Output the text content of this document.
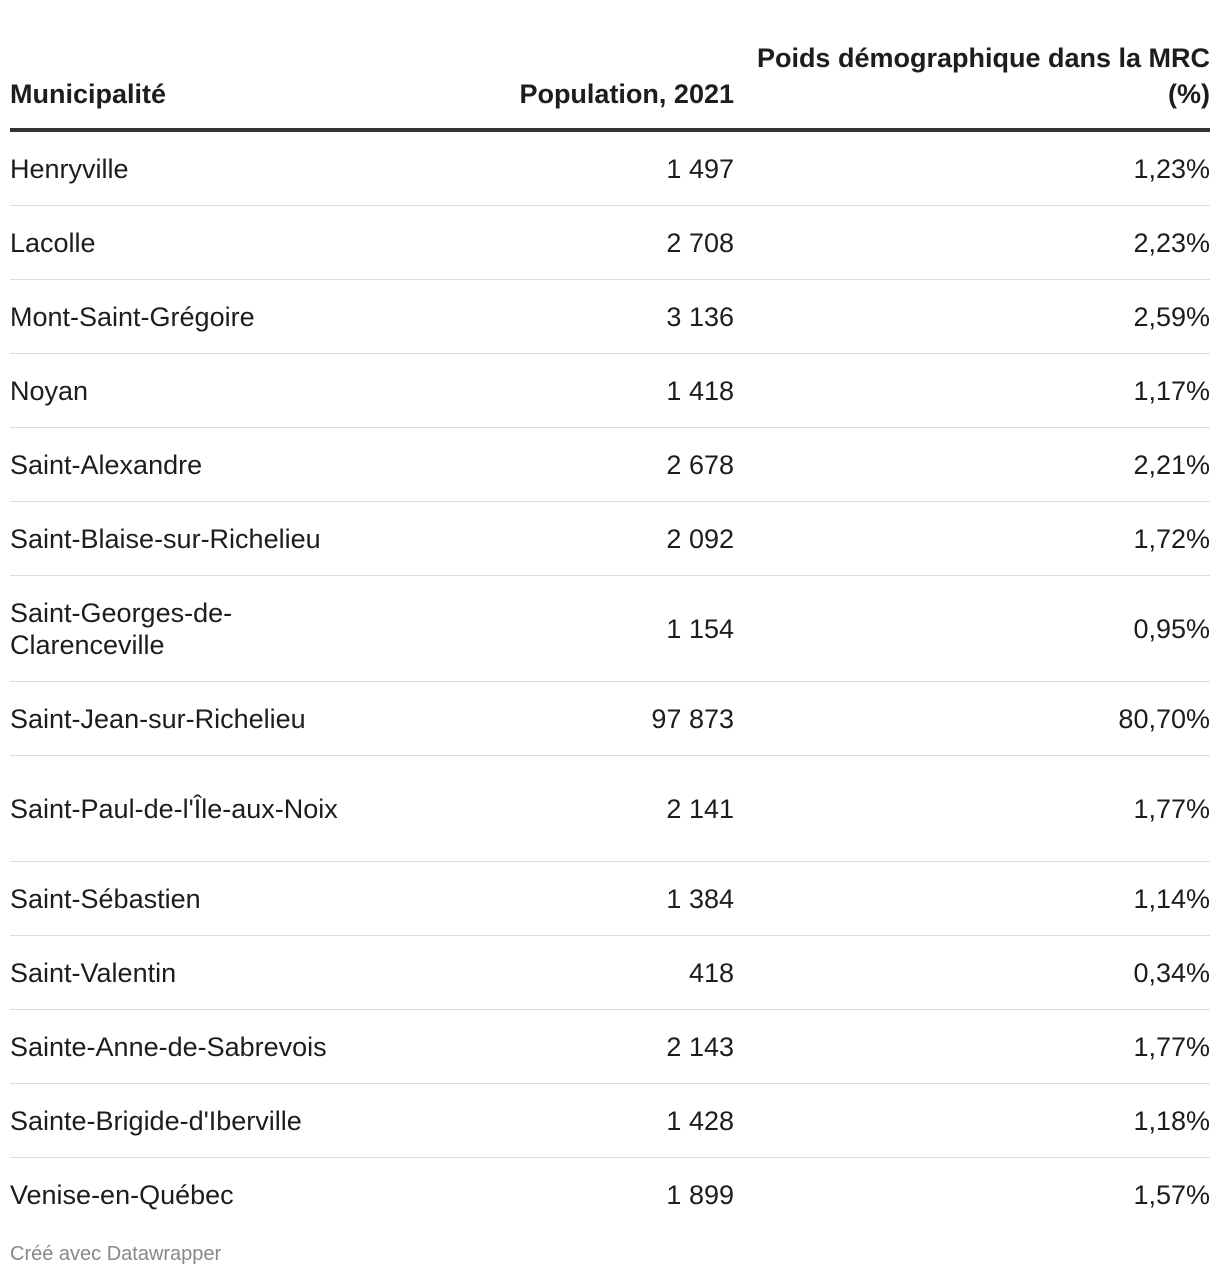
Municipalité	Population, 2021	Poids démographique dans la MRC (%)
Henryville	1 497	1,23%
Lacolle	2 708	2,23%
Mont-Saint-Grégoire	3 136	2,59%
Noyan	1 418	1,17%
Saint-Alexandre	2 678	2,21%
Saint-Blaise-sur-Richelieu	2 092	1,72%
Saint-Georges-de-Clarenceville	1 154	0,95%
Saint-Jean-sur-Richelieu	97 873	80,70%
Saint-Paul-de-l'Île-aux-Noix	2 141	1,77%
Saint-Sébastien	1 384	1,14%
Saint-Valentin	418	0,34%
Sainte-Anne-de-Sabrevois	2 143	1,77%
Sainte-Brigide-d'Iberville	1 428	1,18%
Venise-en-Québec	1 899	1,57%
Créé avec Datawrapper
